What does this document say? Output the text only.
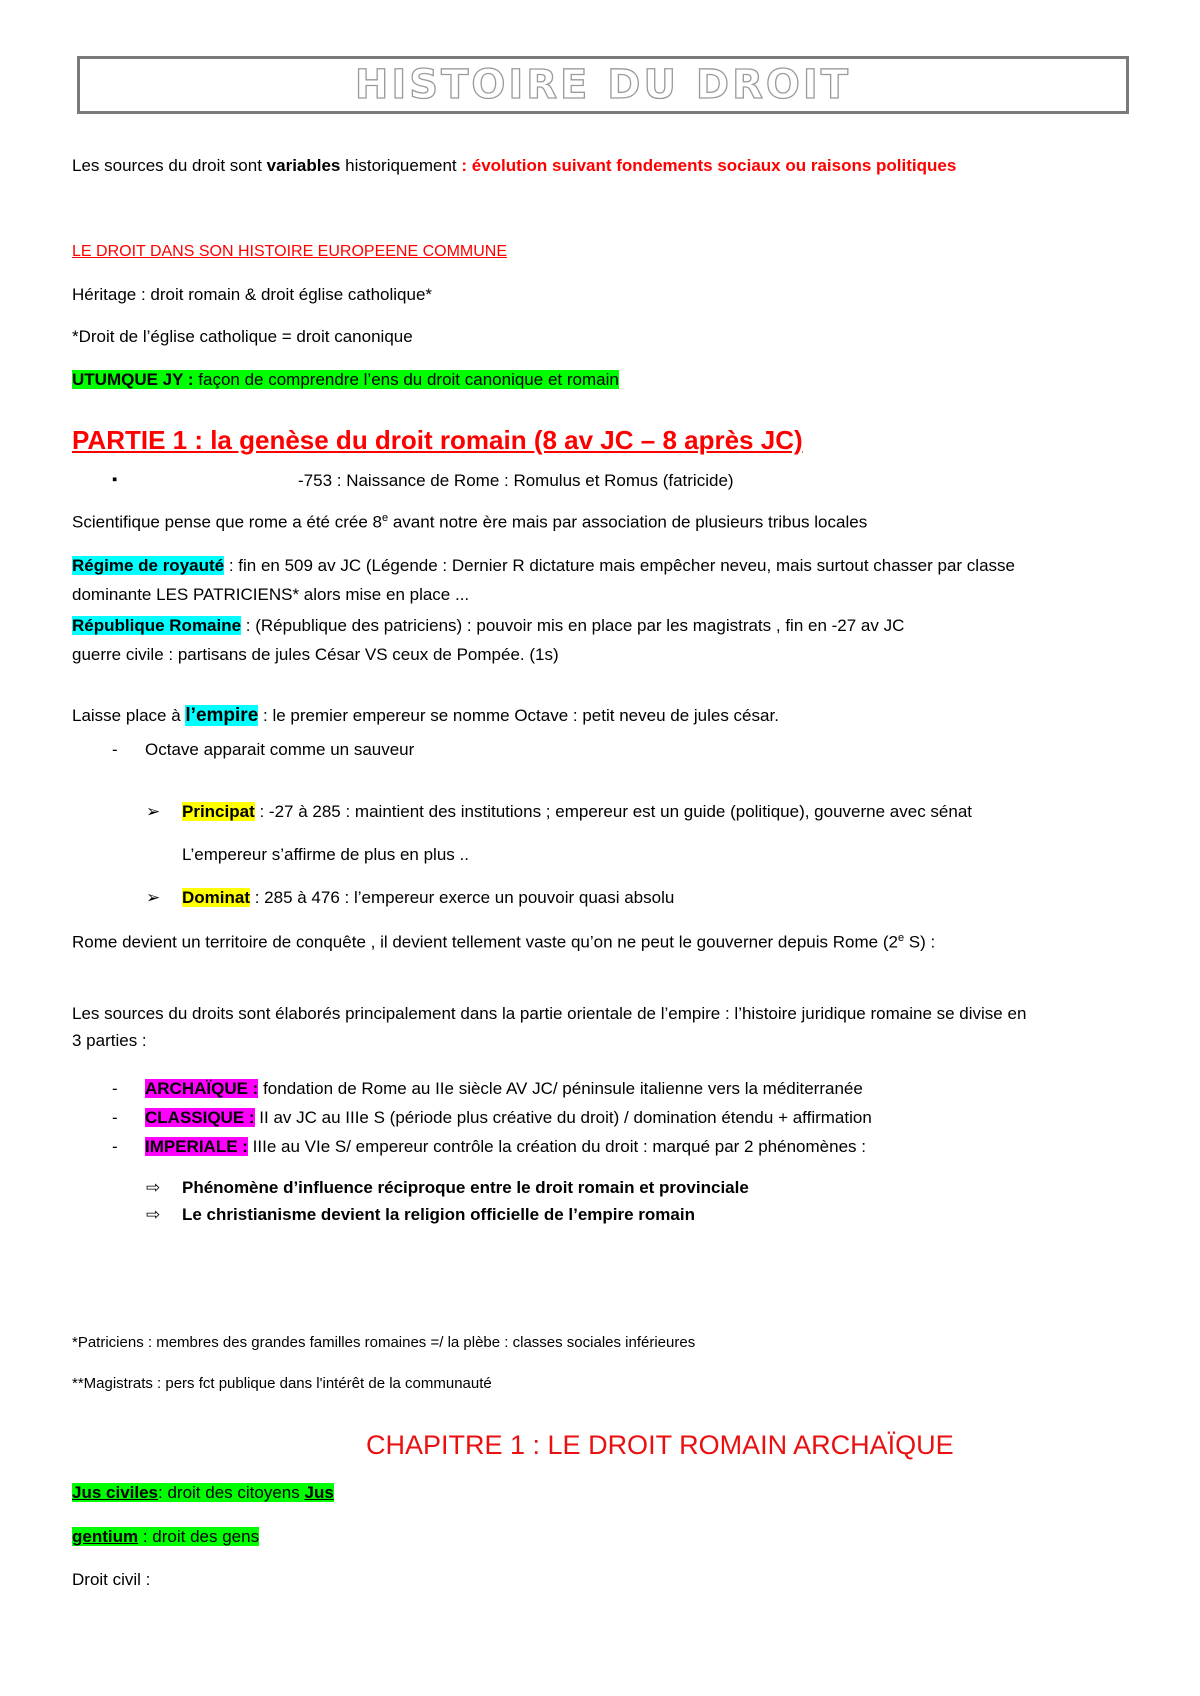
HISTOIRE DU DROIT
Les sources du droit sont variables historiquement : évolution suivant fondements sociaux ou raisons politiques
LE DROIT DANS SON HISTOIRE EUROPEENE COMMUNE
Héritage : droit romain & droit église catholique*
*Droit de l’église catholique = droit canonique
UTUMQUE JY : façon de comprendre l’ens du droit canonique et romain
PARTIE 1 : la genèse du droit romain (8 av JC – 8 après JC)
▪	-753 : Naissance de Rome : Romulus et Romus (fatricide)
Scientifique pense que rome a été crée 8e avant notre ère mais par association de plusieurs tribus locales
Régime de royauté : fin en 509 av JC (Légende : Dernier R dictature mais empêcher neveu, mais surtout chasser par classe
dominante LES PATRICIENS* alors mise en place ...
République Romaine : (République des patriciens) : pouvoir mis en place par les magistrats , fin en -27 av JC
guerre civile : partisans de jules César VS ceux de Pompée. (1s)
Laisse place à l’empire : le premier empereur se nomme Octave : petit neveu de jules césar.
- Octave apparait comme un sauveur
➢ Principat : -27 à 285 : maintient des institutions ; empereur est un guide (politique), gouverne avec sénat
L’empereur s’affirme de plus en plus ..
➢ Dominat : 285 à 476 : l’empereur exerce un pouvoir quasi absolu
Rome devient un territoire de conquête , il devient tellement vaste qu’on ne peut le gouverner depuis Rome (2e S) :
Les sources du droits sont élaborés principalement dans la partie orientale de l’empire : l’histoire juridique romaine se divise en
3 parties :
- ARCHAÏQUE : fondation de Rome au IIe siècle AV JC/ péninsule italienne vers la méditerranée
- CLASSIQUE : II av JC au IIIe S (période plus créative du droit) / domination étendu + affirmation
- IMPERIALE : IIIe au VIe S/ empereur contrôle la création du droit : marqué par 2 phénomènes :
⇨ Phénomène d’influence réciproque entre le droit romain et provinciale
⇨ Le christianisme devient la religion officielle de l’empire romain
*Patriciens : membres des grandes familles romaines =/ la plèbe : classes sociales inférieures
**Magistrats : pers fct publique dans l'intérêt de la communauté
CHAPITRE 1 : LE DROIT ROMAIN ARCHAÏQUE
Jus civiles: droit des citoyens Jus
gentium : droit des gens
Droit civil :
